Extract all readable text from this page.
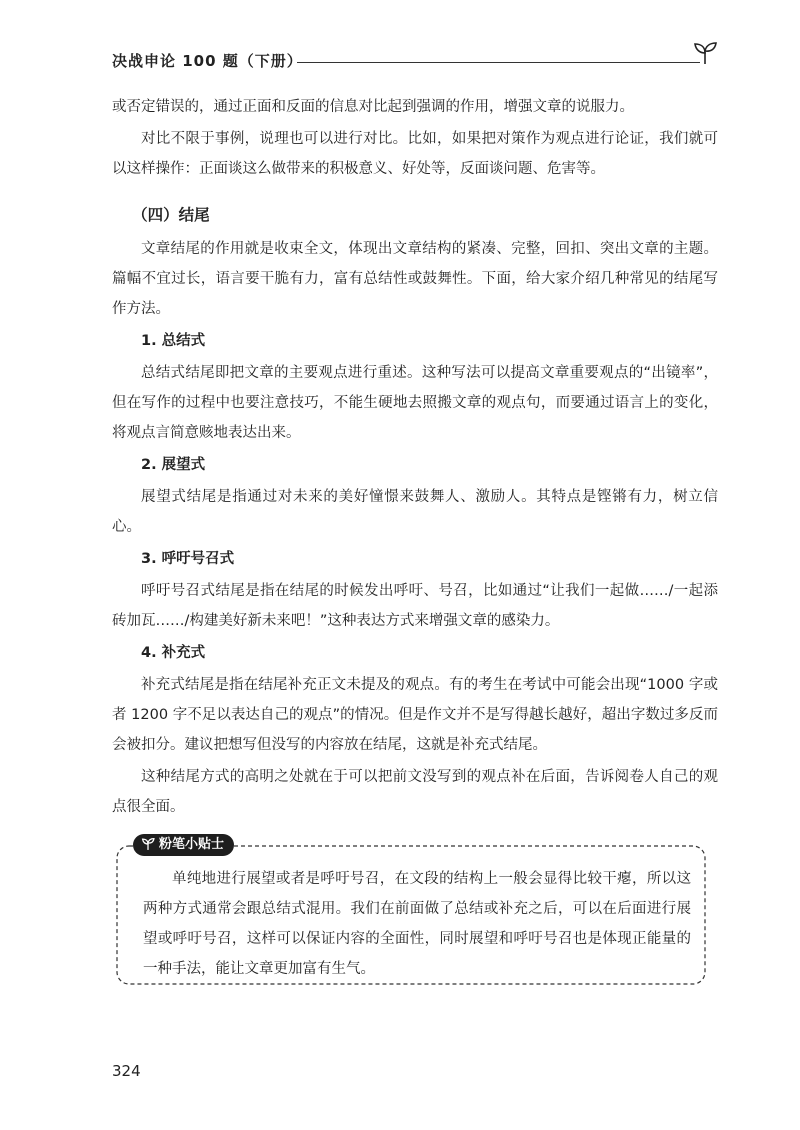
决战申论 100 题（下册）

或否定错误的，通过正面和反面的信息对比起到强调的作用，增强文章的说服力。

对比不限于事例，说理也可以进行对比。比如，如果把对策作为观点进行论证，我们就可以这样操作：正面谈这么做带来的积极意义、好处等，反面谈问题、危害等。

（四）结尾

文章结尾的作用就是收束全文，体现出文章结构的紧凑、完整，回扣、突出文章的主题。篇幅不宜过长，语言要干脆有力，富有总结性或鼓舞性。下面，给大家介绍几种常见的结尾写作方法。

1. 总结式

总结式结尾即把文章的主要观点进行重述。这种写法可以提高文章重要观点的“出镜率”，但在写作的过程中也要注意技巧，不能生硬地去照搬文章的观点句，而要通过语言上的变化，将观点言简意赅地表达出来。

2. 展望式

展望式结尾是指通过对未来的美好憧憬来鼓舞人、激励人。其特点是铿锵有力，树立信心。

3. 呼吁号召式

呼吁号召式结尾是指在结尾的时候发出呼吁、号召，比如通过“让我们一起做……/一起添砖加瓦……/构建美好新未来吧！”这种表达方式来增强文章的感染力。

4. 补充式

补充式结尾是指在结尾补充正文未提及的观点。有的考生在考试中可能会出现“1000 字或者 1200 字不足以表达自己的观点”的情况。但是作文并不是写得越长越好，超出字数过多反而会被扣分。建议把想写但没写的内容放在结尾，这就是补充式结尾。

这种结尾方式的高明之处就在于可以把前文没写到的观点补在后面，告诉阅卷人自己的观点很全面。

粉笔小贴士
单纯地进行展望或者是呼吁号召，在文段的结构上一般会显得比较干瘪，所以这两种方式通常会跟总结式混用。我们在前面做了总结或补充之后，可以在后面进行展望或呼吁号召，这样可以保证内容的全面性，同时展望和呼吁号召也是体现正能量的一种手法，能让文章更加富有生气。
324
